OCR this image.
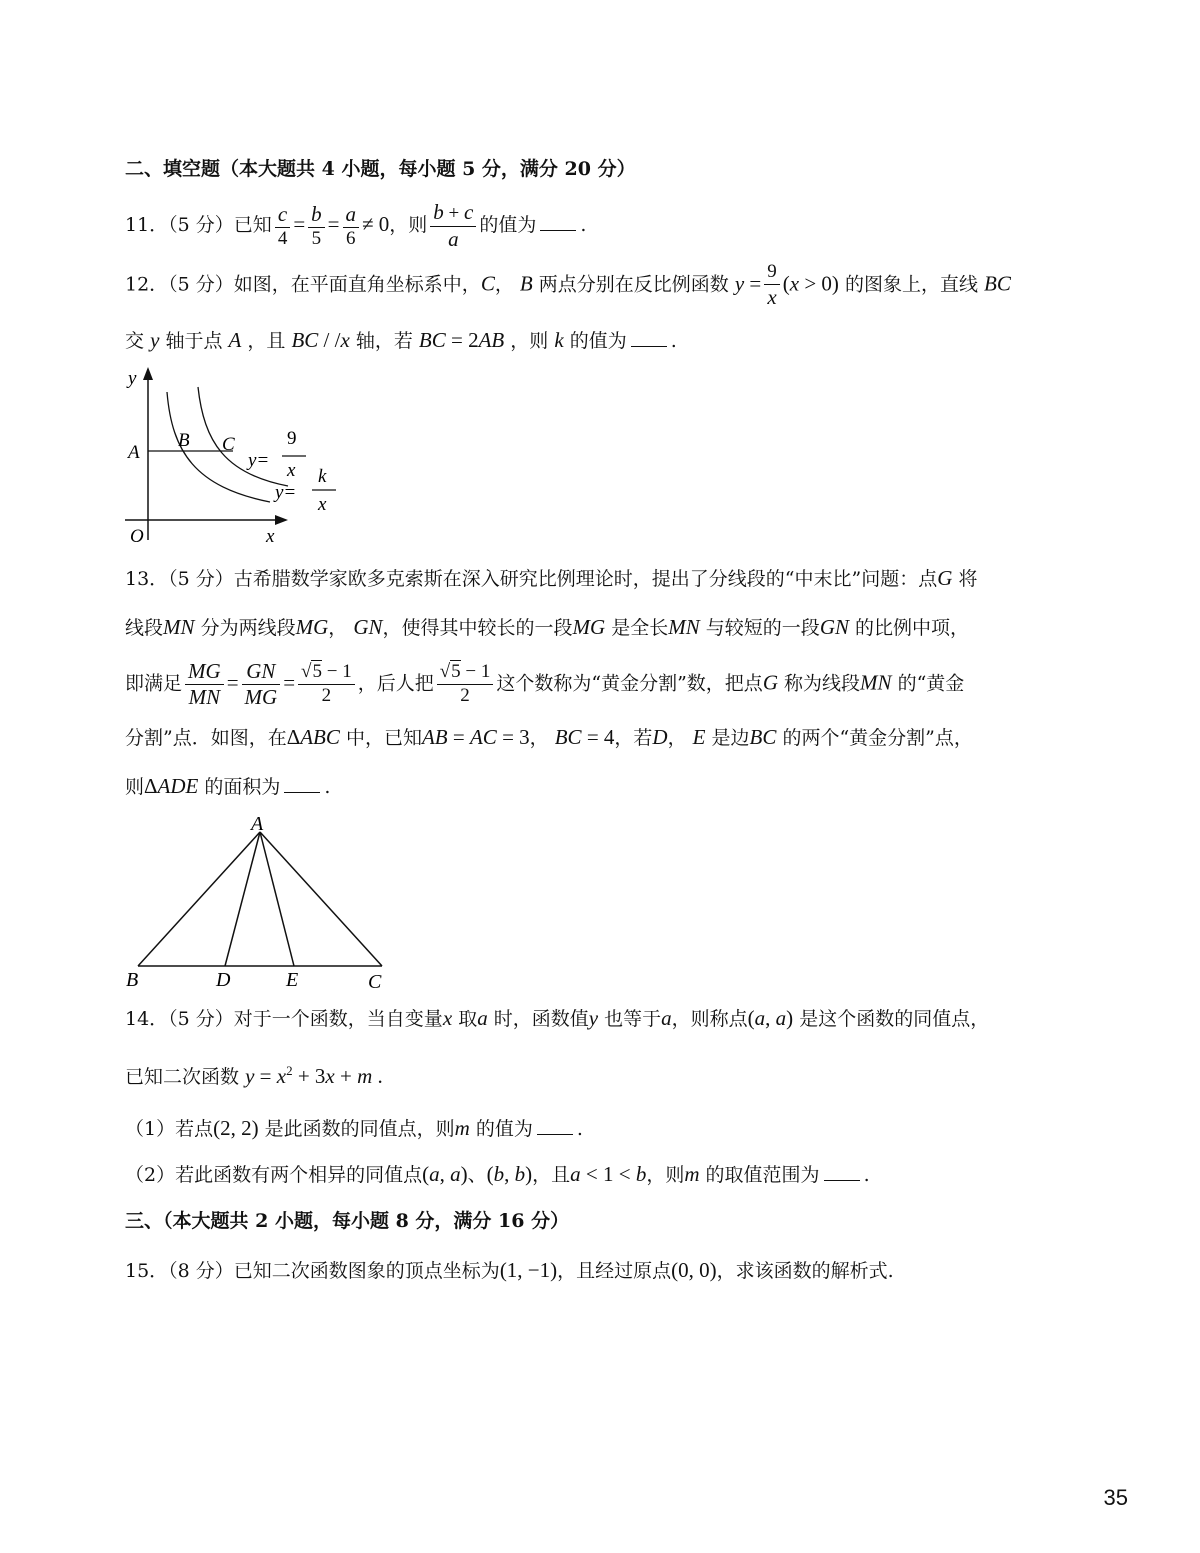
二、填空题（本大题共 4 小题，每小题 5 分，满分 20 分）
11．（5 分）已知 $\frac{c}{4} = \frac{b}{5} = \frac{a}{6} \ne 0$，则 $\frac{b + c}{a}$ 的值为 .
12．（5 分）如图，在平面直角坐标系中，C， B 两点分别在反比例函数 $y = \frac{9}{x} (x > 0)$ 的图象上，直线 BC
交 y 轴于点 A ，且 BC / /x 轴，若 BC = 2AB ，则 k 的值为 .
y
A
B C
O	x
y=
9
x
y=
k
x
13．（5 分）古希腊数学家欧多克索斯在深入研究比例理论时，提出了分线段的“中末比”问题：点G 将
线段MN 分为两线段MG， GN，使得其中较长的一段MG 是全长MN 与较短的一段GN 的比例中项，
即满足 $\frac{MG}{MN} = \frac{GN}{MG} = \frac{√5 - 1}{2}$ ，后人把 $\frac{√5 - 1}{2}$ 这个数称为“黄金分割”数，把点G 称为线段MN 的“黄金
分割”点．如图，在ΔABC 中，已知AB = AC = 3， BC = 4，若D， E 是边BC 的两个“黄金分割”点，
则ΔADE 的面积为 .
A
B	D	E	C
14．（5 分）对于一个函数，当自变量x 取a 时，函数值y 也等于a，则称点(a, a) 是这个函数的同值点，
已知二次函数 $y = x^2 + 3x + m$ .
（1）若点(2, 2) 是此函数的同值点，则m 的值为 .
（2）若此函数有两个相异的同值点(a, a)、(b, b)，且a < 1 < b，则m 的取值范围为 .
三、（本大题共 2 小题，每小题 8 分，满分 16 分）
15．（8 分）已知二次函数图象的顶点坐标为(1, −1)，且经过原点(0, 0)，求该函数的解析式.
35
